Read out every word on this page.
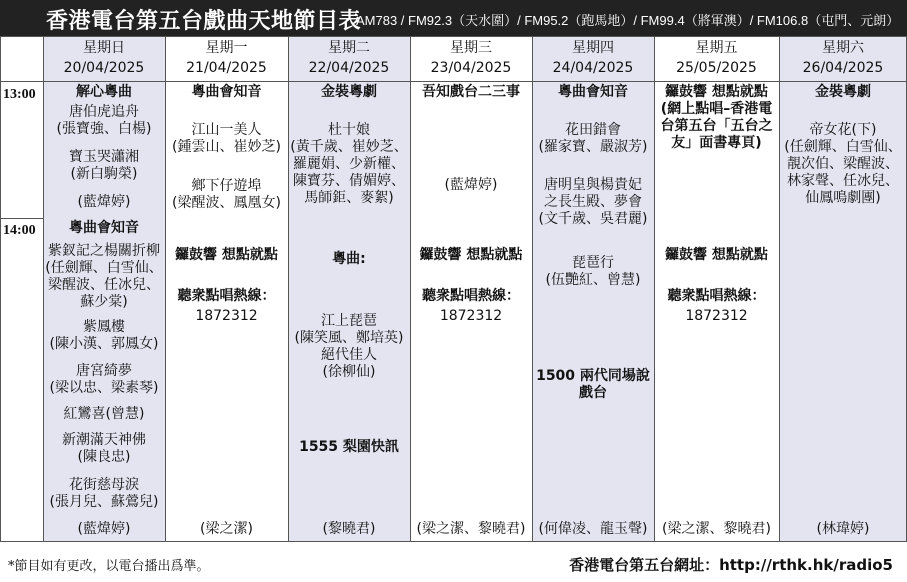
香港電台第五台戲曲天地節目表
AM783 / FM92.3（天水圍）/ FM95.2（跑馬地）/ FM99.4（將軍澳）/ FM106.8（屯門、元朗）
13:00
14:00
星期日
20/04/2025
解心粵曲
唐伯虎追舟
(張寶強、白楊)
寶玉哭瀟湘
(新白駒榮)
(藍煒婷)
粵曲會知音
紫釵記之楊關折柳
(任劍輝、白雪仙、
梁醒波、任冰兒、
蘇少棠)
紫鳳樓
(陳小漢、郭鳳女)
唐宮綺夢
(梁以忠、梁素琴)
紅鸞喜(曾慧)
新潮滿天神佛
(陳良忠)
花街慈母淚
(張月兒、蘇鶯兒)
(藍煒婷)
星期一
21/04/2025
粵曲會知音
江山一美人
(鍾雲山、崔妙芝)
鄉下仔遊埠
(梁醒波、鳳凰女)
鑼鼓響 想點就點
聽衆點唱熱線：
1872312
(梁之潔)
星期二
22/04/2025
金裝粵劇
杜十娘
(黃千歲、崔妙芝、
羅麗娟、少新權、
陳寶芬、倩媚婷、
馬師鉅、麥絮)
粵曲:
江上琵琶
(陳笑風、鄭培英)
絕代佳人
(徐柳仙)
1555 梨園快訊
(黎曉君)
星期三
23/04/2025
吾知戲台二三事
(藍煒婷)
鑼鼓響 想點就點
聽衆點唱熱線：
1872312
(梁之潔、黎曉君)
星期四
24/04/2025
粵曲會知音
花田錯會
(羅家寶、嚴淑芳)
唐明皇與楊貴妃
之長生殿、夢會
(文千歲、吳君麗)
琵琶行
(伍艷紅、曾慧)
1500 兩代同場說
戲台
(何偉凌、龍玉聲)
星期五
25/05/2025
鑼鼓響 想點就點
(網上點唱–香港電
台第五台「五台之
友」面書專頁)
鑼鼓響 想點就點
聽衆點唱熱線：
1872312
(梁之潔、黎曉君)
星期六
26/04/2025
金裝粵劇
帝女花(下)
(任劍輝、白雪仙、
靚次伯、梁醒波、
林家聲、任冰兒、
仙鳳鳴劇團)
(林瑋婷)
*節目如有更改，以電台播出爲準。	香港電台第五台網址：http://rthk.hk/radio5
